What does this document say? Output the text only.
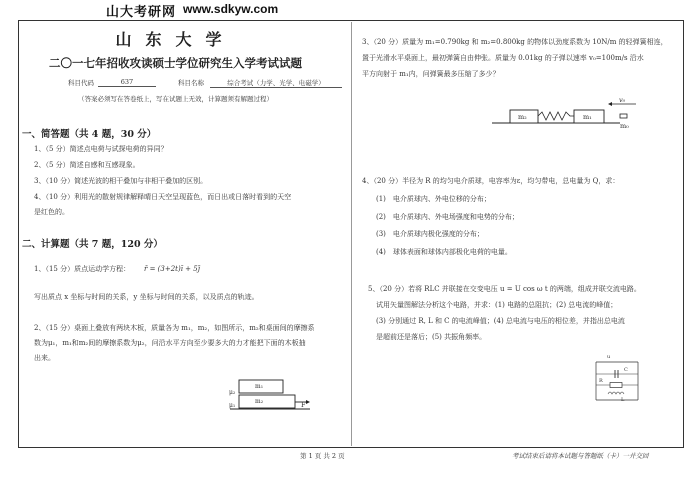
山大考研网 www.sdkyw.com
山东大学
二〇一七年招收攻读硕士学位研究生入学考试试题
科目代码	637	科目名称	综合考试（力学、光学、电磁学）
（答案必须写在答卷纸上，写在试题上无效，计算题须有解题过程）
一、简答题（共 4 题，30 分）
1、（5 分）简述点电荷与试探电荷的异同？
2、（5 分）简述自感和互感现象。
3、（10 分）简述光波的相干叠加与非相干叠加的区别。
4、（10 分）利用光的散射规律解释晴日天空呈现蓝色，而日出或日落时看到的天空
是红色的。
二、计算题（共 7 题，120 分）
1、（15 分）质点运动学方程： r̄ = (3+2t)ī + 5j̄
写出质点 x 坐标与时间的关系，y 坐标与时间的关系，以及质点的轨迹。
2、（15 分）桌面上叠放有两块木板，质量各为 m₁，m₂，如图所示，m₂和桌面间的摩擦系
数为μ₁，m₁和m₂间的摩擦系数为μ₂，问沿水平方向至少要多大的力才能把下面的木板抽
出来。
m₁
m₂
μ₂
μ₁	F
3、（20 分）质量为 m₁=0.790kg 和 m₂=0.800kg 的物体以劲度系数为 10N/m 的轻弹簧相连，
置于光滑水平桌面上，最初弹簧自由伸张。质量为 0.01kg 的子弹以速率 v₀=100m/s 沿水
平方向射于 m₁内，问弹簧最多压缩了多少？
m₂	m₁
v₀
m₀
4、（20 分）半径为 R 的均匀电介质球，电容率为ε，均匀带电，总电量为 Q，求：
(1)　电介质球内、外电位移的分布；
(2)　电介质球内、外电场强度和电势的分布；
(3)　电介质球内极化强度的分布；
(4)　球体表面和球体内部极化电荷的电量。
5、（20 分）若将 RLC 并联接在交变电压 u = U cos ω t 的两端，组成并联交流电路。
试用矢量图解法分析这个电路，并求：(1) 电路的总阻抗；(2) 总电流的峰值；
(3) 分别通过 R, L 和 C 的电流峰值；(4) 总电流与电压的相位差，并指出总电流
是超前还是落后；(5) 共振角频率。
u
C
R
L
第 1 页 共 2 页	考试结束后请将本试题与答题纸（卡）一并交回
